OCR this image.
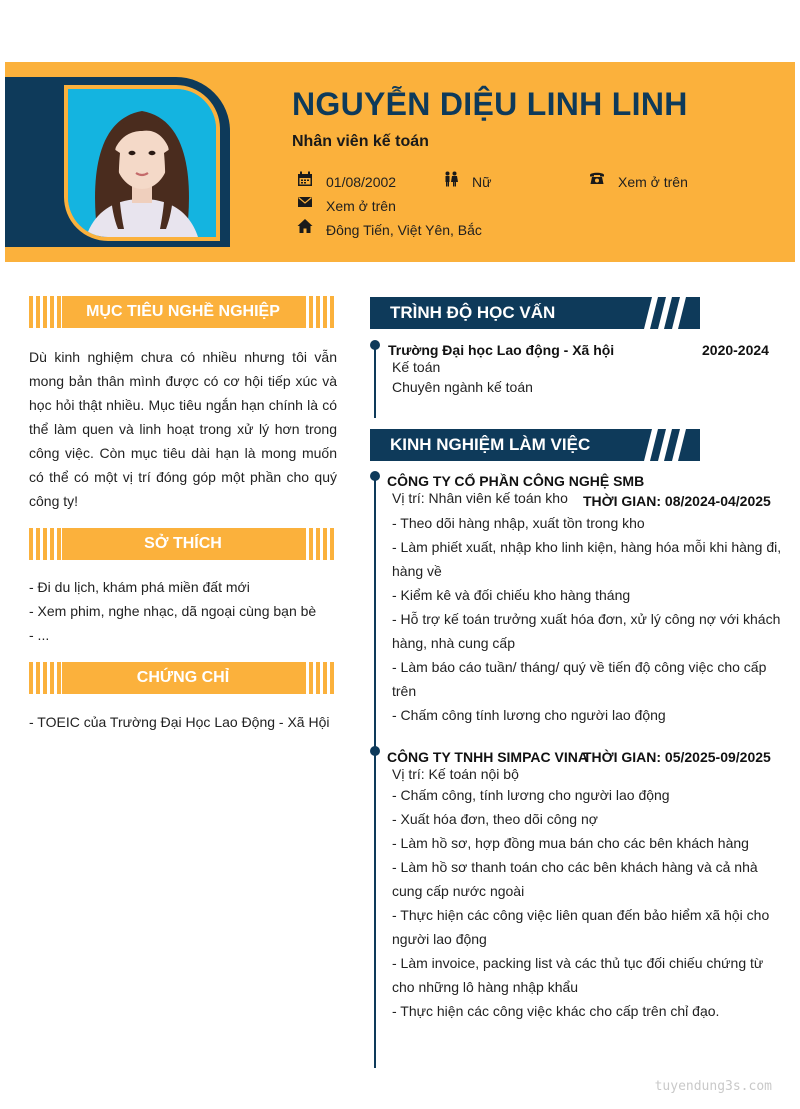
NGUYỄN DIỆU LINH LINH
Nhân viên kế toán
01/08/2002	Nữ	Xem ở trên
Xem ở trên
Đông Tiến, Việt Yên, Bắc
MỤC TIÊU NGHỀ NGHIỆP
Dù kinh nghiệm chưa có nhiều nhưng tôi vẫn mong bản thân mình được có cơ hội tiếp xúc và học hỏi thật nhiều. Mục tiêu ngắn hạn chính là có thể làm quen và linh hoạt trong xử lý hơn trong công việc. Còn mục tiêu dài hạn là mong muốn có thể có một vị trí đóng góp một phần cho quý công ty!
SỞ THÍCH
- Đi du lịch, khám phá miền đất mới
- Xem phim, nghe nhạc, dã ngoại cùng bạn bè
- ...
CHỨNG CHỈ
- TOEIC của Trường Đại Học Lao Động - Xã Hội
TRÌNH ĐỘ HỌC VẤN
Trường Đại học Lao động - Xã hội	2020-2024
Kế toán
Chuyên ngành kế toán
KINH NGHIỆM LÀM VIỆC
CÔNG TY CỔ PHẦN CÔNG NGHỆ SMB
Vị trí: Nhân viên kế toán kho THỜI GIAN: 08/2024-04/2025
- Theo dõi hàng nhập, xuất tồn trong kho
- Làm phiết xuất, nhập kho linh kiện, hàng hóa mỗi khi hàng đi, hàng về
- Kiểm kê và đối chiếu kho hàng tháng
- Hỗ trợ kế toán trưởng xuất hóa đơn, xử lý công nợ với khách hàng, nhà cung cấp
- Làm báo cáo tuần/ tháng/ quý về tiến độ công việc cho cấp trên
- Chấm công tính lương cho người lao động
CÔNG TY TNHH SIMPAC VINA
THỜI GIAN: 05/2025-09/2025
Vị trí: Kế toán nội bộ
- Chấm công, tính lương cho người lao động
- Xuất hóa đơn, theo dõi công nợ
- Làm hồ sơ, hợp đồng mua bán cho các bên khách hàng
- Làm hồ sơ thanh toán cho các bên khách hàng và cả nhà cung cấp nước ngoài
- Thực hiện các công việc liên quan đến bảo hiểm xã hội cho người lao động
- Làm invoice, packing list và các thủ tục đối chiếu chứng từ cho những lô hàng nhập khẩu
- Thực hiện các công việc khác cho cấp trên chỉ đạo.
tuyendung3s.com
